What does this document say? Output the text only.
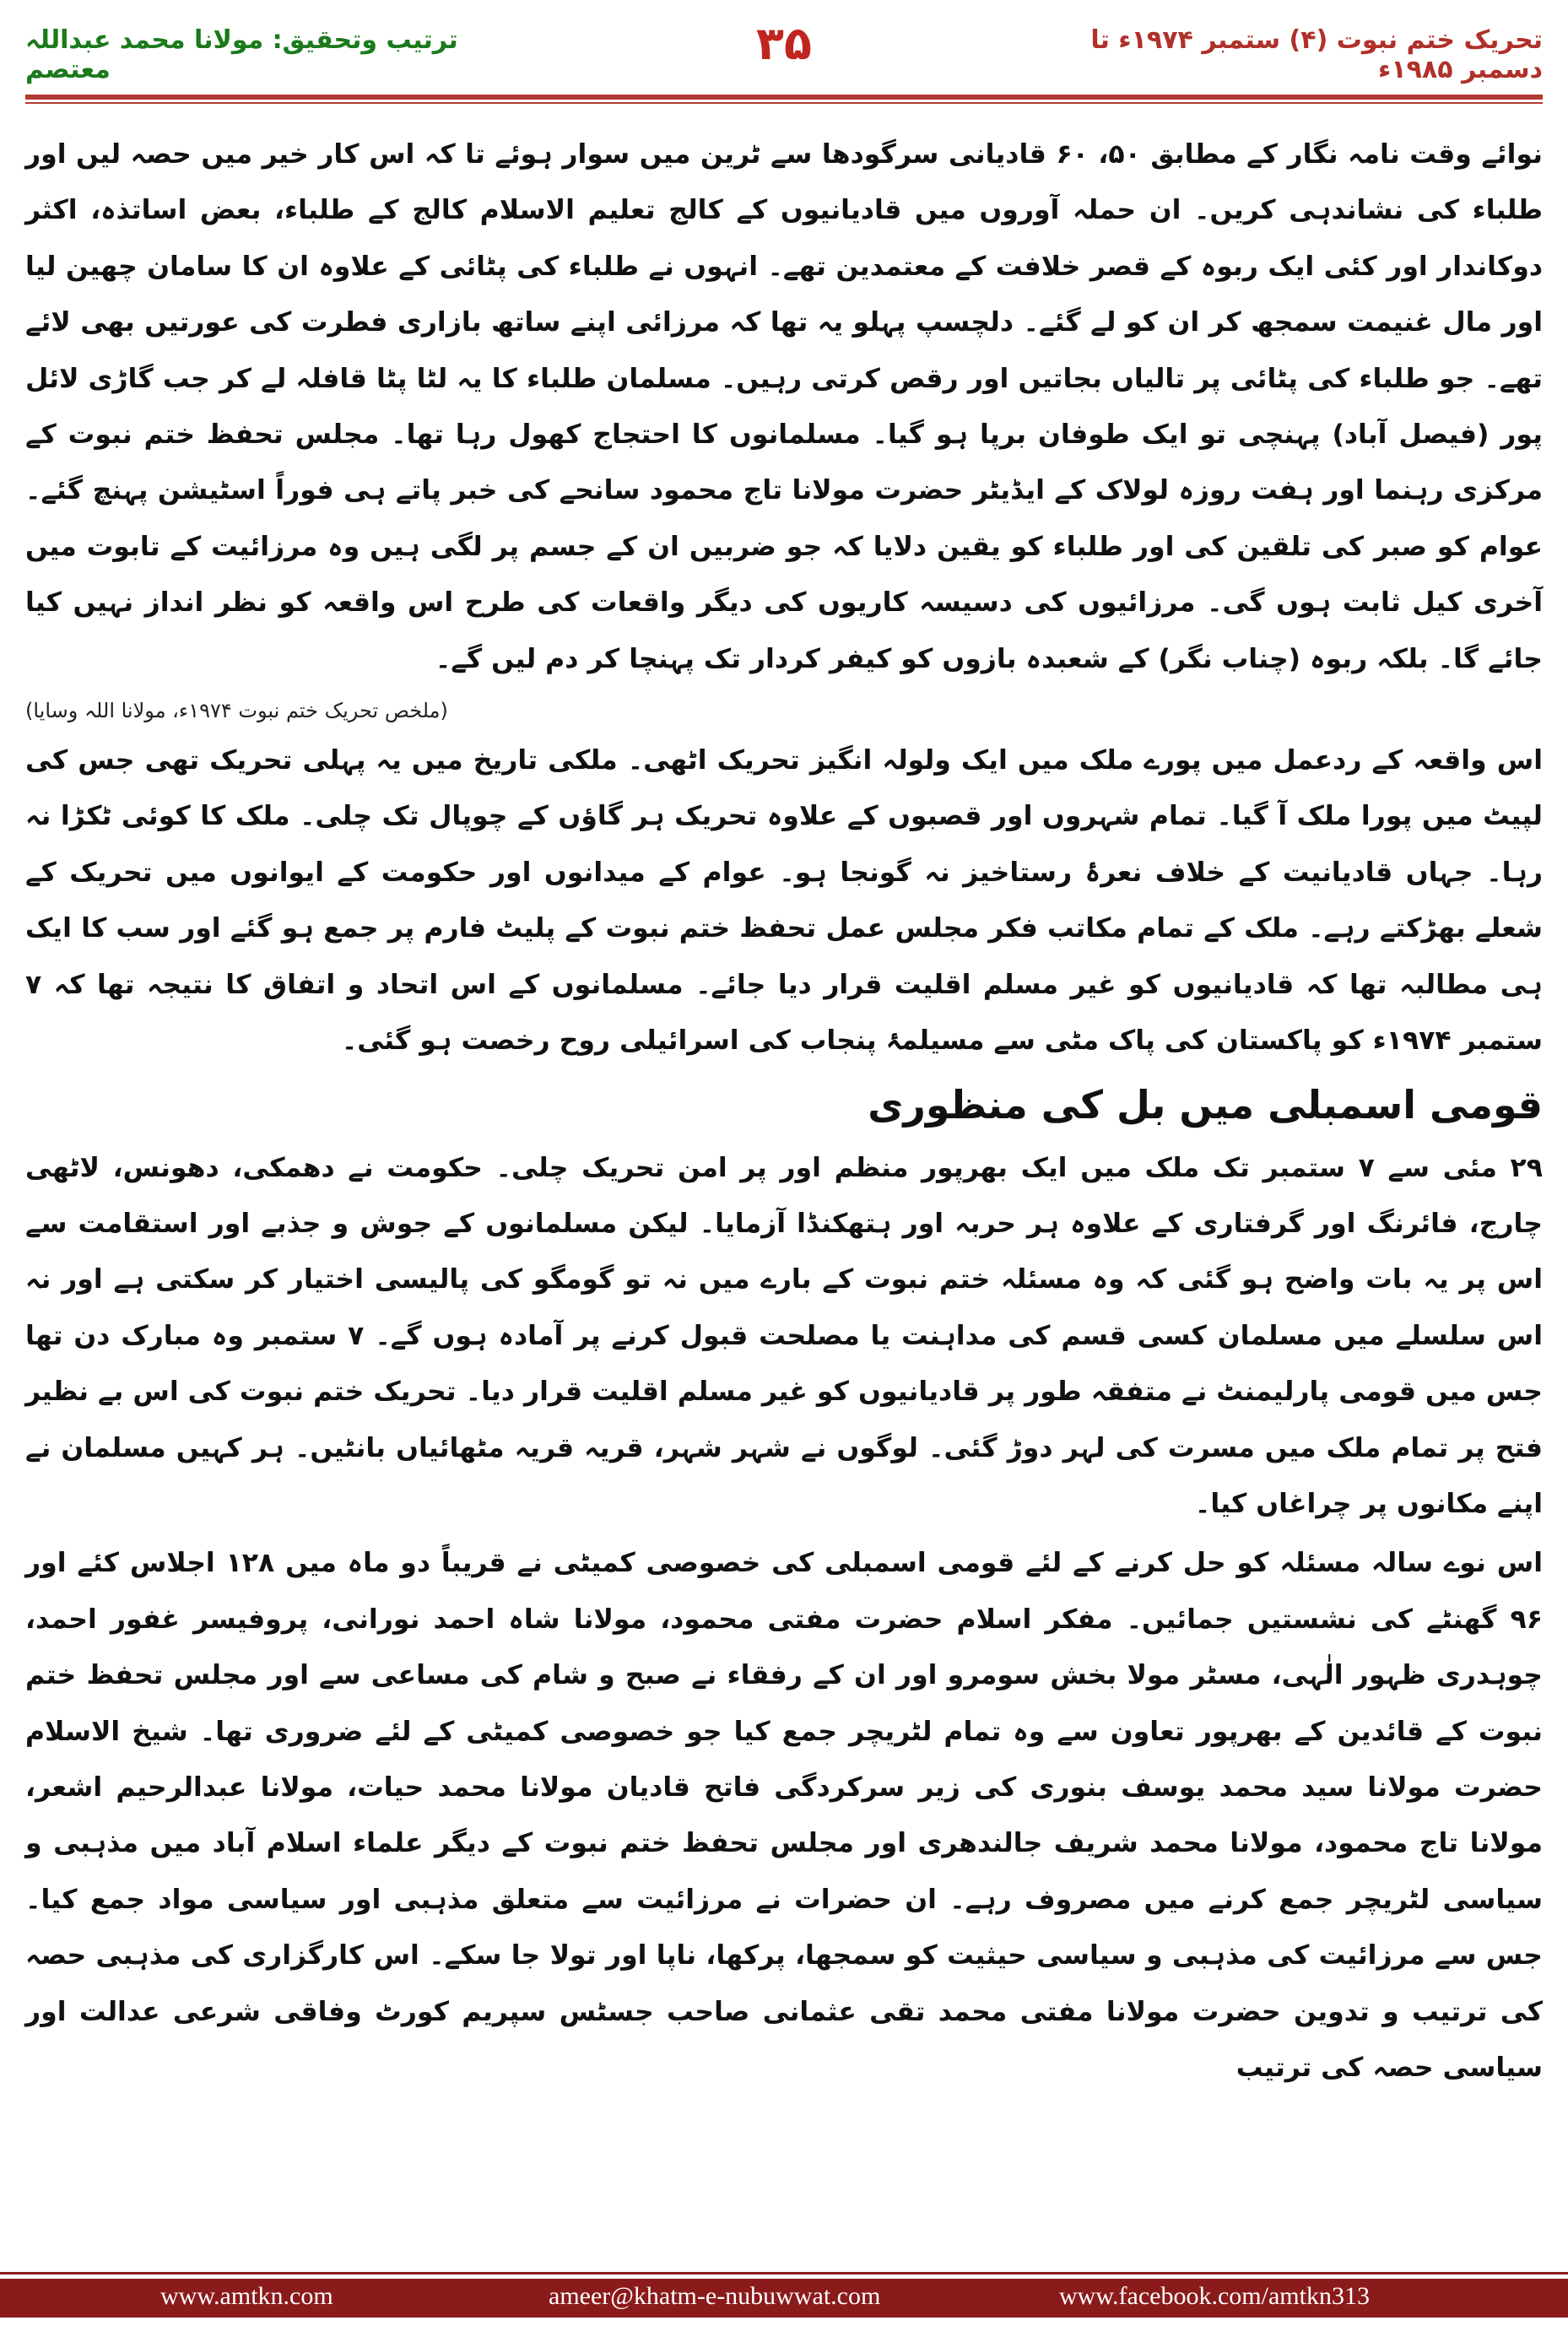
ترتیب وتحقیق: مولانا محمد عبداللہ معتصم	۳۵	تحریک ختم نبوت (۴) ستمبر ۱۹۷۴ء تا دسمبر ۱۹۸۵ء

نوائے وقت نامہ نگار کے مطابق ۵۰، ۶۰ قادیانی سرگودھا سے ٹرین میں سوار ہوئے تا کہ اس کار خیر میں حصہ لیں اور طلباء کی نشاندہی کریں۔ ان حملہ آوروں میں قادیانیوں کے کالج تعلیم الاسلام کالج کے طلباء، بعض اساتذہ، اکثر دوکاندار اور کئی ایک ربوہ کے قصر خلافت کے معتمدین تھے۔ انہوں نے طلباء کی پٹائی کے علاوہ ان کا سامان چھین لیا اور مال غنیمت سمجھ کر ان کو لے گئے۔ دلچسپ پہلو یہ تھا کہ مرزائی اپنے ساتھ بازاری فطرت کی عورتیں بھی لائے تھے۔ جو طلباء کی پٹائی پر تالیاں بجاتیں اور رقص کرتی رہیں۔ مسلمان طلباء کا یہ لٹا پٹا قافلہ لے کر جب گاڑی لائل پور (فیصل آباد) پہنچی تو ایک طوفان برپا ہو گیا۔ مسلمانوں کا احتجاج کھول رہا تھا۔ مجلس تحفظ ختم نبوت کے مرکزی رہنما اور ہفت روزہ لولاک کے ایڈیٹر حضرت مولانا تاج محمود سانحے کی خبر پاتے ہی فوراً اسٹیشن پہنچ گئے۔ عوام کو صبر کی تلقین کی اور طلباء کو یقین دلایا کہ جو ضربیں ان کے جسم پر لگی ہیں وہ مرزائیت کے تابوت میں آخری کیل ثابت ہوں گی۔ مرزائیوں کی دسیسہ کاریوں کی دیگر واقعات کی طرح اس واقعہ کو نظر انداز نہیں کیا جائے گا۔ بلکہ ربوہ (چناب نگر) کے شعبدہ بازوں کو کیفر کردار تک پہنچا کر دم لیں گے۔

(ملخص تحریک ختم نبوت ۱۹۷۴ء، مولانا اللہ وسایا)

اس واقعہ کے ردعمل میں پورے ملک میں ایک ولولہ انگیز تحریک اٹھی۔ ملکی تاریخ میں یہ پہلی تحریک تھی جس کی لپیٹ میں پورا ملک آ گیا۔ تمام شہروں اور قصبوں کے علاوہ تحریک ہر گاؤں کے چوپال تک چلی۔ ملک کا کوئی ٹکڑا نہ رہا۔ جہاں قادیانیت کے خلاف نعرۂ رستاخیز نہ گونجا ہو۔ عوام کے میدانوں اور حکومت کے ایوانوں میں تحریک کے شعلے بھڑکتے رہے۔ ملک کے تمام مکاتب فکر مجلس عمل تحفظ ختم نبوت کے پلیٹ فارم پر جمع ہو گئے اور سب کا ایک ہی مطالبہ تھا کہ قادیانیوں کو غیر مسلم اقلیت قرار دیا جائے۔ مسلمانوں کے اس اتحاد و اتفاق کا نتیجہ تھا کہ ۷ ستمبر ۱۹۷۴ء کو پاکستان کی پاک مٹی سے مسیلمۂ پنجاب کی اسرائیلی روح رخصت ہو گئی۔

قومی اسمبلی میں بل کی منظوری

۲۹ مئی سے ۷ ستمبر تک ملک میں ایک بھرپور منظم اور پر امن تحریک چلی۔ حکومت نے دھمکی، دھونس، لاٹھی چارج، فائرنگ اور گرفتاری کے علاوہ ہر حربہ اور ہتھکنڈا آزمایا۔ لیکن مسلمانوں کے جوش و جذبے اور استقامت سے اس پر یہ بات واضح ہو گئی کہ وہ مسئلہ ختم نبوت کے بارے میں نہ تو گومگو کی پالیسی اختیار کر سکتی ہے اور نہ اس سلسلے میں مسلمان کسی قسم کی مداہنت یا مصلحت قبول کرنے پر آمادہ ہوں گے۔ ۷ ستمبر وہ مبارک دن تھا جس میں قومی پارلیمنٹ نے متفقہ طور پر قادیانیوں کو غیر مسلم اقلیت قرار دیا۔ تحریک ختم نبوت کی اس بے نظیر فتح پر تمام ملک میں مسرت کی لہر دوڑ گئی۔ لوگوں نے شہر شہر، قریہ قریہ مٹھائیاں بانٹیں۔ ہر کہیں مسلمان نے اپنے مکانوں پر چراغاں کیا۔

اس نوے سالہ مسئلہ کو حل کرنے کے لئے قومی اسمبلی کی خصوصی کمیٹی نے قریباً دو ماہ میں ۱۲۸ اجلاس کئے اور ۹۶ گھنٹے کی نشستیں جمائیں۔ مفکر اسلام حضرت مفتی محمود، مولانا شاہ احمد نورانی، پروفیسر غفور احمد، چوہدری ظہور الٰہی، مسٹر مولا بخش سومرو اور ان کے رفقاء نے صبح و شام کی مساعی سے اور مجلس تحفظ ختم نبوت کے قائدین کے بھرپور تعاون سے وہ تمام لٹریچر جمع کیا جو خصوصی کمیٹی کے لئے ضروری تھا۔ شیخ الاسلام حضرت مولانا سید محمد یوسف بنوری کی زیر سرکردگی فاتح قادیان مولانا محمد حیات، مولانا عبدالرحیم اشعر، مولانا تاج محمود، مولانا محمد شریف جالندھری اور مجلس تحفظ ختم نبوت کے دیگر علماء اسلام آباد میں مذہبی و سیاسی لٹریچر جمع کرنے میں مصروف رہے۔ ان حضرات نے مرزائیت سے متعلق مذہبی اور سیاسی مواد جمع کیا۔ جس سے مرزائیت کی مذہبی و سیاسی حیثیت کو سمجھا، پرکھا، ناپا اور تولا جا سکے۔ اس کارگزاری کی مذہبی حصہ کی ترتیب و تدوین حضرت مولانا مفتی محمد تقی عثمانی صاحب جسٹس سپریم کورٹ وفاقی شرعی عدالت اور سیاسی حصہ کی ترتیب

www.amtkn.com	ameer@khatm-e-nubuwwat.com	www.facebook.com/amtkn313
